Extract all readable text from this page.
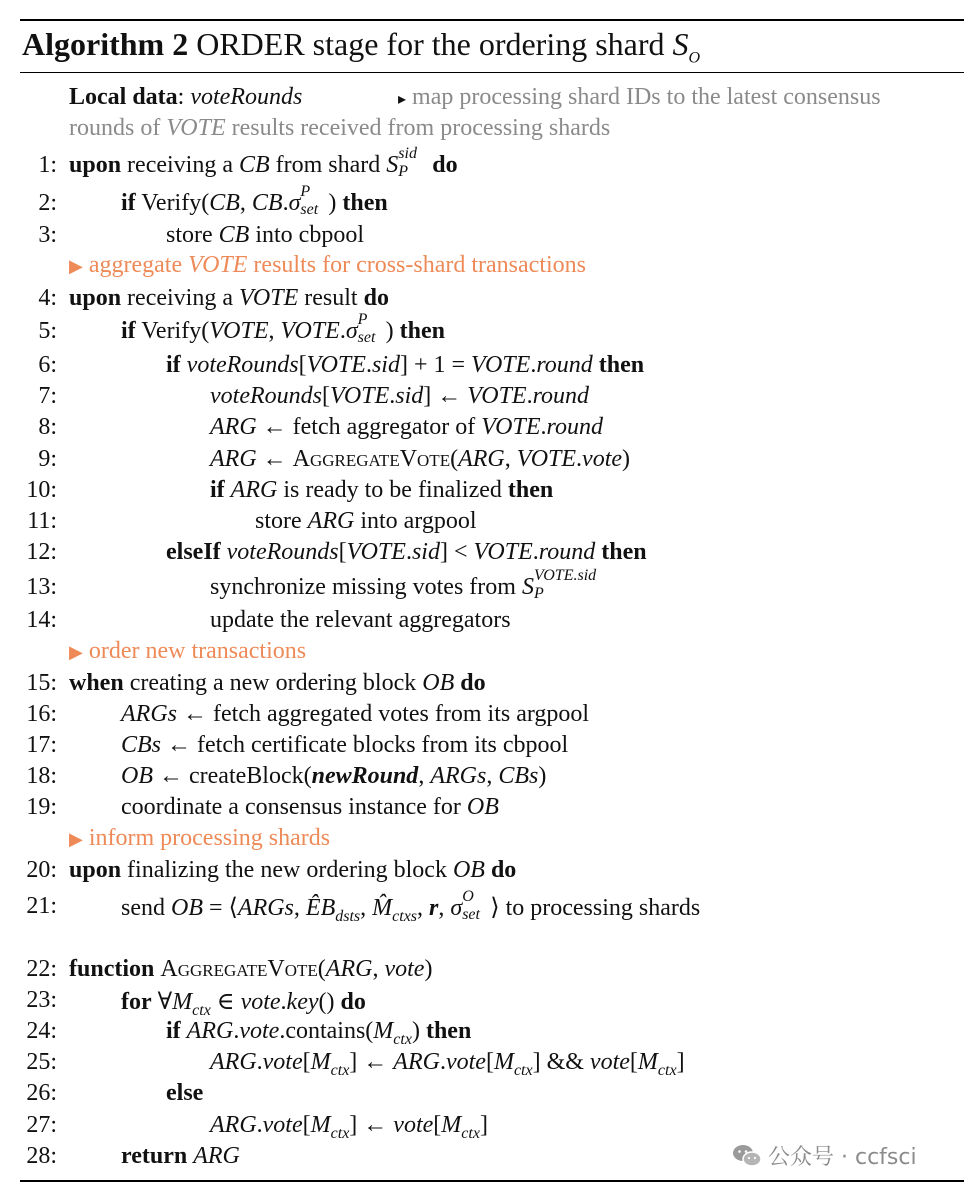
Algorithm 2 ORDER stage for the ordering shard $S_O$
Local data: voteRounds	▸ map processing shard IDs to the latest consensus
rounds of VOTE results received from processing shards
1: upon receiving a CB from shard S sid
P do
2:	if Verify(CB, CB.σ P
set ) then
3:	store CB into cbpool
▶ aggregate VOTE results for cross-shard transactions
4: upon receiving a VOTE result do
5:	if Verify(VOTE, VOTE.σ P
set ) then
6:	if voteRounds[VOTE.sid] + 1 = VOTE.round then
7:	voteRounds[VOTE.sid] ← VOTE.round
8:	ARG ← fetch aggregator of VOTE.round
9:	ARG ← AggregateVote(ARG, VOTE.vote)
10:	if ARG is ready to be finalized then
11:	store ARG into argpool
12:	elseIf voteRounds[VOTE.sid] < VOTE.round then
13:	synchronize missing votes from S VOTE.sid
P
14:	update the relevant aggregators
▶ order new transactions
15: when creating a new ordering block OB do
16:	ARGs ← fetch aggregated votes from its argpool
17:	CBs ← fetch certificate blocks from its cbpool
18:	OB ← createBlock(newRound, ARGs, CBs)
19:	coordinate a consensus instance for OB
▶ inform processing shards
20: upon finalizing the new ordering block OB do
21:	send OB = ⟨ARGs, $ÊB_{dsts}$, $M̂_{ctxs}$, r, σ O
set ⟩ to processing shards
22: function AggregateVote(ARG, vote)
23:	for $\forall M_{ctx}$ ∈ vote.key() do
24:	if $ARG.vote.contains(M_{ctx})$ then
25:	$ARG.vote[M_{ctx}]$ ← $ARG.vote[M_{ctx}]$ && $vote[M_{ctx}]$
26:	else
27:	$ARG.vote[M_{ctx}]$ ← $vote[M_{ctx}]$
28:	return ARG	公众号 · ccfsci
